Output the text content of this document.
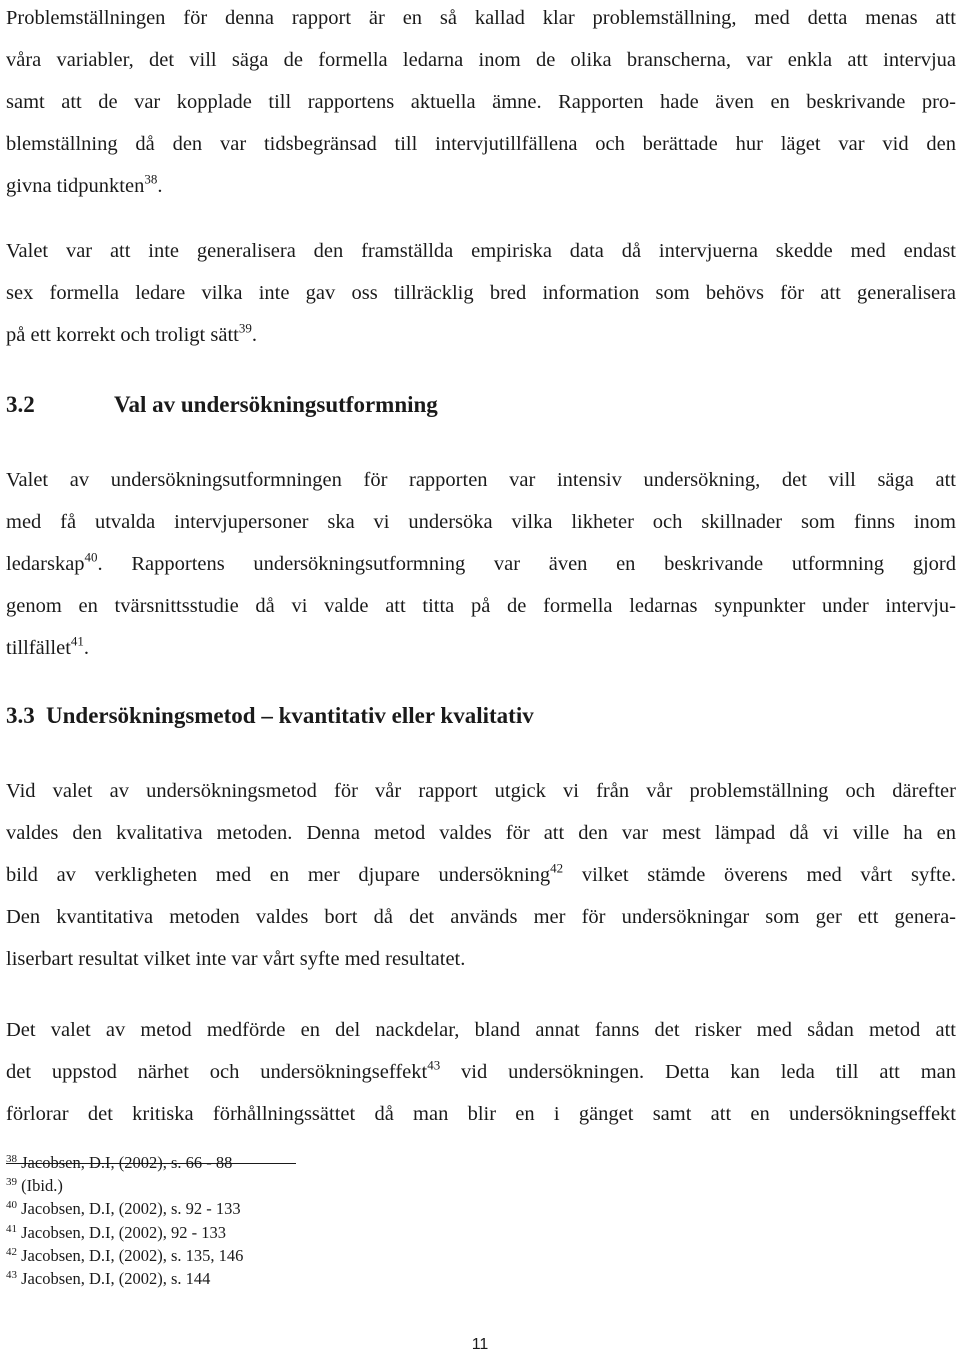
Problemställningen för denna rapport är en så kallad klar problemställning, med detta menas att
våra variabler, det vill säga de formella ledarna inom de olika branscherna, var enkla att intervjua
samt att de var kopplade till rapportens aktuella ämne. Rapporten hade även en beskrivande pro-
blemställning då den var tidsbegränsad till intervjutillfällena och berättade hur läget var vid den
givna tidpunkten$^{38}$.
Valet var att inte generalisera den framställda empiriska data då intervjuerna skedde med endast
sex formella ledare vilka inte gav oss tillräcklig bred information som behövs för att generalisera
på ett korrekt och troligt sätt$^{39}$.
3.2	Val av undersökningsutformning
Valet av undersökningsutformningen för rapporten var intensiv undersökning, det vill säga att
med få utvalda intervjupersoner ska vi undersöka vilka likheter och skillnader som finns inom
ledarskap$^{40}$. Rapportens undersökningsutformning var även en beskrivande utformning gjord
genom en tvärsnittsstudie då vi valde att titta på de formella ledarnas synpunkter under intervju-
tillfället$^{41}$.
3.3 Undersökningsmetod – kvantitativ eller kvalitativ
Vid valet av undersökningsmetod för vår rapport utgick vi från vår problemställning och därefter
valdes den kvalitativa metoden. Denna metod valdes för att den var mest lämpad då vi ville ha en
bild av verkligheten med en mer djupare undersökning$^{42}$ vilket stämde överens med vårt syfte.
Den kvantitativa metoden valdes bort då det används mer för undersökningar som ger ett genera-
liserbart resultat vilket inte var vårt syfte med resultatet.
Det valet av metod medförde en del nackdelar, bland annat fanns det risker med sådan metod att
det uppstod närhet och undersökningseffekt$^{43}$ vid undersökningen. Detta kan leda till att man
förlorar det kritiska förhållningssättet då man blir en i gänget samt att en undersökningseffekt
$^{38}$ Jacobsen, D.I, (2002), s. 66 - 88
$^{39}$ (Ibid.)
$^{40}$ Jacobsen, D.I, (2002), s. 92 - 133
$^{41}$ Jacobsen, D.I, (2002), 92 - 133
$^{42}$ Jacobsen, D.I, (2002), s. 135, 146
$^{43}$ Jacobsen, D.I, (2002), s. 144
11
